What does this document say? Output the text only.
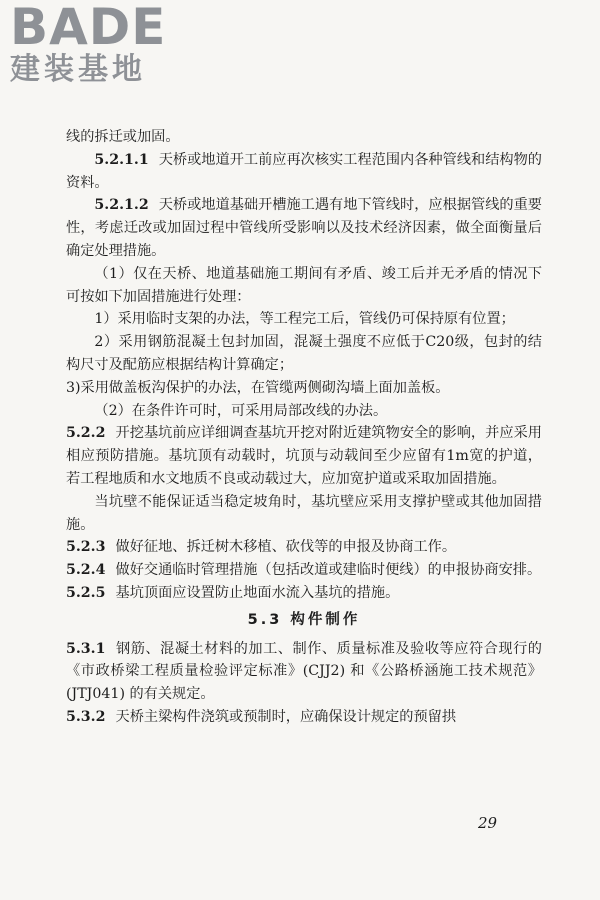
BADE
建装基地

线的拆迁或加固。

5.2.1.1 天桥或地道开工前应再次核实工程范围内各种管线和结构物的资料。

5.2.1.2 天桥或地道基础开槽施工遇有地下管线时，应根据管线的重要性，考虑迁改或加固过程中管线所受影响以及技术经济因素，做全面衡量后确定处理措施。

（1）仅在天桥、地道基础施工期间有矛盾、竣工后并无矛盾的情况下可按如下加固措施进行处理：

1）采用临时支架的办法，等工程完工后，管线仍可保持原有位置；

2）采用钢筋混凝土包封加固，混凝土强度不应低于C20级，包封的结构尺寸及配筋应根据结构计算确定；

3)采用做盖板沟保护的办法，在管缆两侧砌沟墙上面加盖板。

（2）在条件许可时，可采用局部改线的办法。

5.2.2 开挖基坑前应详细调查基坑开挖对附近建筑物安全的影响，并应采用相应预防措施。基坑顶有动载时，坑顶与动载间至少应留有1m宽的护道，若工程地质和水文地质不良或动载过大，应加宽护道或采取加固措施。

当坑壁不能保证适当稳定坡角时，基坑壁应采用支撑护壁或其他加固措施。

5.2.3 做好征地、拆迁树木移植、砍伐等的申报及协商工作。

5.2.4 做好交通临时管理措施（包括改道或建临时便线）的申报协商安排。

5.2.5 基坑顶面应设置防止地面水流入基坑的措施。

5.3 构件制作

5.3.1 钢筋、混凝土材料的加工、制作、质量标准及验收等应符合现行的《市政桥梁工程质量检验评定标准》(CJJ2) 和《公路桥涵施工技术规范》(JTJ041) 的有关规定。

5.3.2 天桥主梁构件浇筑或预制时，应确保设计规定的预留拱

29
